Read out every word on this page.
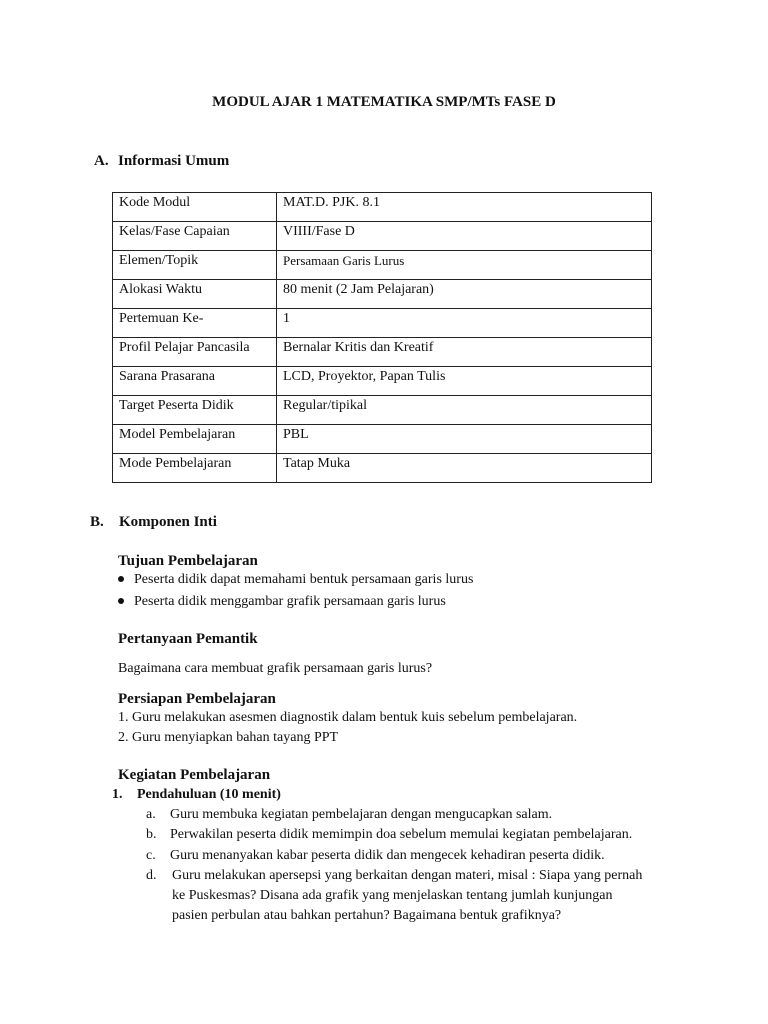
MODUL AJAR 1 MATEMATIKA SMP/MTs FASE D
A. Informasi Umum
Kode Modul	MAT.D. PJK. 8.1
Kelas/Fase Capaian	VIIII/Fase D
Elemen/Topik	Persamaan Garis Lurus
Alokasi Waktu	80 menit (2 Jam Pelajaran)
Pertemuan Ke-	1
Profil Pelajar Pancasila	Bernalar Kritis dan Kreatif
Sarana Prasarana	LCD, Proyektor, Papan Tulis
Target Peserta Didik	Regular/tipikal
Model Pembelajaran	PBL
Mode Pembelajaran	Tatap Muka
B. Komponen Inti
Tujuan Pembelajaran
Peserta didik dapat memahami bentuk persamaan garis lurus
Peserta didik menggambar grafik persamaan garis lurus
Pertanyaan Pemantik
Bagaimana cara membuat grafik persamaan garis lurus?
Persiapan Pembelajaran
1. Guru melakukan asesmen diagnostik dalam bentuk kuis sebelum pembelajaran.
2. Guru menyiapkan bahan tayang PPT
Kegiatan Pembelajaran
1. Pendahuluan (10 menit)
a. Guru membuka kegiatan pembelajaran dengan mengucapkan salam.
b. Perwakilan peserta didik memimpin doa sebelum memulai kegiatan pembelajaran.
c. Guru menanyakan kabar peserta didik dan mengecek kehadiran peserta didik.
d. Guru melakukan apersepsi yang berkaitan dengan materi, misal : Siapa yang pernah
ke Puskesmas? Disana ada grafik yang menjelaskan tentang jumlah kunjungan
pasien perbulan atau bahkan pertahun? Bagaimana bentuk grafiknya?
